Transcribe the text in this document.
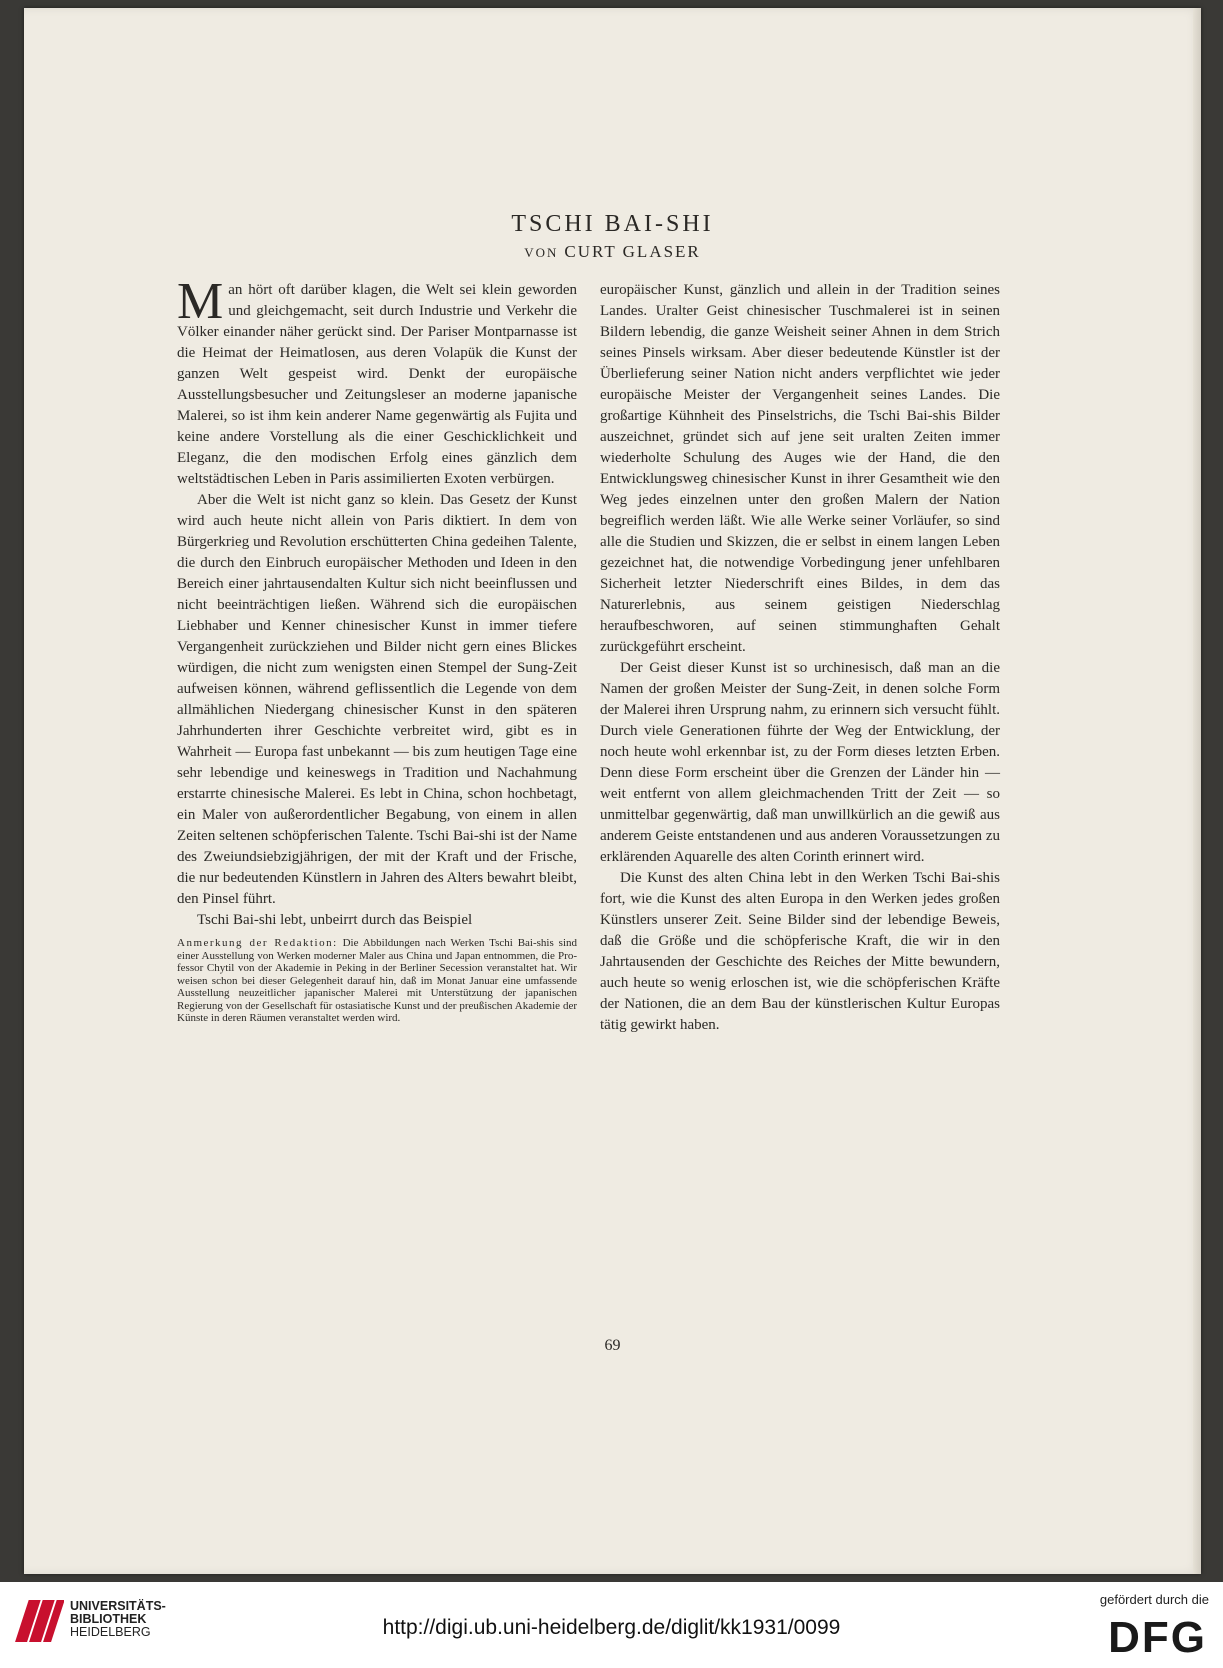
TSCHI BAI-SHI
VON CURT GLASER

Man hört oft darüber klagen, die Welt sei klein geworden und gleichgemacht, seit durch Industrie und Verkehr die Völker einander näher gerückt sind. Der Pariser Montparnasse ist die Heimat der Heimatlosen, aus deren Volapük die Kunst der ganzen Welt gespeist wird. Denkt der europäische Ausstellungsbesucher und Zeitungsleser an moderne japanische Malerei, so ist ihm kein anderer Name gegenwärtig als Fujita und keine andere Vorstellung als die einer Geschicklichkeit und Eleganz, die den modischen Erfolg eines gänzlich dem weltstädtischen Leben in Paris assimilierten Exoten verbürgen.

Aber die Welt ist nicht ganz so klein. Das Gesetz der Kunst wird auch heute nicht allein von Paris diktiert. In dem von Bürgerkrieg und Revolution erschütterten China gedeihen Talente, die durch den Einbruch europäischer Methoden und Ideen in den Bereich einer jahrtausendalten Kultur sich nicht beeinflussen und nicht beeinträchtigen ließen. Während sich die europäischen Liebhaber und Kenner chinesischer Kunst in immer tiefere Vergangenheit zurückziehen und Bilder nicht gern eines Blickes würdigen, die nicht zum wenigsten einen Stempel der Sung-Zeit aufweisen können, während geflissentlich die Legende von dem allmählichen Niedergang chinesischer Kunst in den späteren Jahrhunderten ihrer Geschichte verbreitet wird, gibt es in Wahrheit — Europa fast unbekannt — bis zum heutigen Tage eine sehr lebendige und keineswegs in Tradition und Nachahmung erstarrte chinesische Malerei. Es lebt in China, schon hochbetagt, ein Maler von außerordentlicher Begabung, von einem in allen Zeiten seltenen schöpferischen Talente. Tschi Bai-shi ist der Name des Zweiundsiebzigjährigen, der mit der Kraft und der Frische, die nur bedeutenden Künstlern in Jahren des Alters bewahrt bleibt, den Pinsel führt.

Tschi Bai-shi lebt, unbeirrt durch das Beispiel

Anmerkung der Redaktion: Die Abbildungen nach Werken Tschi Bai-shis sind einer Ausstellung von Werken moderner Maler aus China und Japan entnommen, die Professor Chytil von der Akademie in Peking in der Berliner Secession veranstaltet hat. Wir weisen schon bei dieser Gelegenheit darauf hin, daß im Monat Januar eine umfassende Ausstellung neuzeitlicher japanischer Malerei mit Unterstützung der japanischen Regierung von der Gesellschaft für ostasiatische Kunst und der preußischen Akademie der Künste in deren Räumen veranstaltet werden wird.

europäischer Kunst, gänzlich und allein in der Tradition seines Landes. Uralter Geist chinesischer Tuschmalerei ist in seinen Bildern lebendig, die ganze Weisheit seiner Ahnen in dem Strich seines Pinsels wirksam. Aber dieser bedeutende Künstler ist der Überlieferung seiner Nation nicht anders verpflichtet wie jeder europäische Meister der Vergangenheit seines Landes. Die großartige Kühnheit des Pinselstrichs, die Tschi Bai-shis Bilder auszeichnet, gründet sich auf jene seit uralten Zeiten immer wiederholte Schulung des Auges wie der Hand, die den Entwicklungsweg chinesischer Kunst in ihrer Gesamtheit wie den Weg jedes einzelnen unter den großen Malern der Nation begreiflich werden läßt. Wie alle Werke seiner Vorläufer, so sind alle die Studien und Skizzen, die er selbst in einem langen Leben gezeichnet hat, die notwendige Vorbedingung jener unfehlbaren Sicherheit letzter Niederschrift eines Bildes, in dem das Naturerlebnis, aus seinem geistigen Niederschlag heraufbeschworen, auf seinen stimmunghaften Gehalt zurückgeführt erscheint.

Der Geist dieser Kunst ist so urchinesisch, daß man an die Namen der großen Meister der Sung-Zeit, in denen solche Form der Malerei ihren Ursprung nahm, zu erinnern sich versucht fühlt. Durch viele Generationen führte der Weg der Entwicklung, der noch heute wohl erkennbar ist, zu der Form dieses letzten Erben. Denn diese Form erscheint über die Grenzen der Länder hin — weit entfernt von allem gleichmachenden Tritt der Zeit — so unmittelbar gegenwärtig, daß man unwillkürlich an die gewiß aus anderem Geiste entstandenen und aus anderen Voraussetzungen zu erklärenden Aquarelle des alten Corinth erinnert wird.

Die Kunst des alten China lebt in den Werken Tschi Bai-shis fort, wie die Kunst des alten Europa in den Werken jedes großen Künstlers unserer Zeit. Seine Bilder sind der lebendige Beweis, daß die Größe und die schöpferische Kraft, die wir in den Jahrtausenden der Geschichte des Reiches der Mitte bewundern, auch heute so wenig erloschen ist, wie die schöpferischen Kräfte der Nationen, die an dem Bau der künstlerischen Kultur Europas tätig gewirkt haben.

69
UNIVERSITÄTS-
BIBLIOTHEK
HEIDELBERG	http://digi.ub.uni-heidelberg.de/diglit/kk1931/0099
gefördert durch die
DFG
